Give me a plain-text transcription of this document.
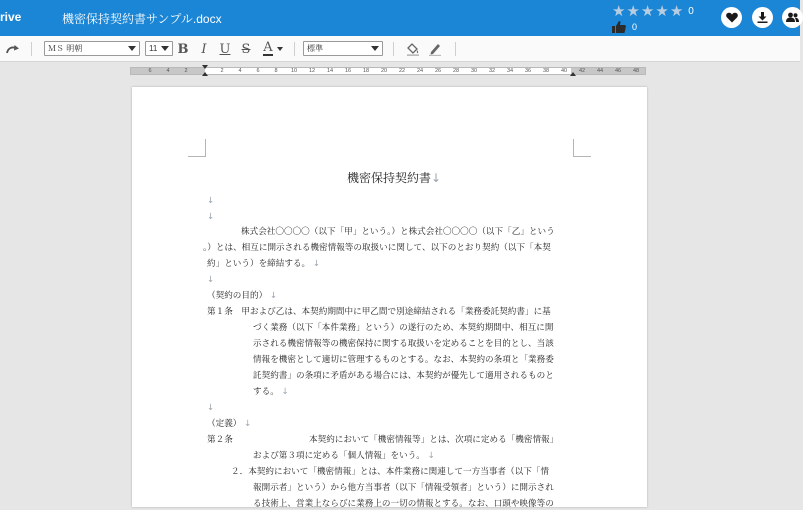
rive	機密保持契約書サンプル.docx	★ ★ ★ ★ ★ 0
0
ＭＳ 明朝	11 B I U S A	標準
6	4	2	2	4	6	8 10 12 14 16 18 20 22 24 26 28 30 32 34 36 38 40 42 44 46 48
機密保持契約書↓
↓
↓
株式会社〇〇〇〇（以下「甲」という。）と株式会社〇〇〇〇（以下「乙」という
。）とは、相互に開示される機密情報等の取扱いに関して、以下のとおり契約（以下「本契
約」という）を締結する。 ↓
↓
（契約の目的） ↓
第１条　甲および乙は、本契約期間中に甲乙間で別途締結される「業務委託契約書」に基
づく業務（以下「本件業務」という）の遂行のため、本契約期間中、相互に開
示される機密情報等の機密保持に関する取扱いを定めることを目的とし、当該
情報を機密として適切に管理するものとする。なお、本契約の条項と「業務委
託契約書」の条項に矛盾がある場合には、本契約が優先して適用されるものと
する。 ↓
↓
（定義） ↓
第２条	本契約において「機密情報等」とは、次項に定める「機密情報」
および第３項に定める「個人情報」をいう。 ↓
２．本契約において「機密情報」とは、本件業務に関連して一方当事者（以下「情
報開示者」という）から他方当事者（以下「情報受領者」という）に開示され
る技術上、営業上ならびに業務上の一切の情報とする。なお、口頭や映像等の
